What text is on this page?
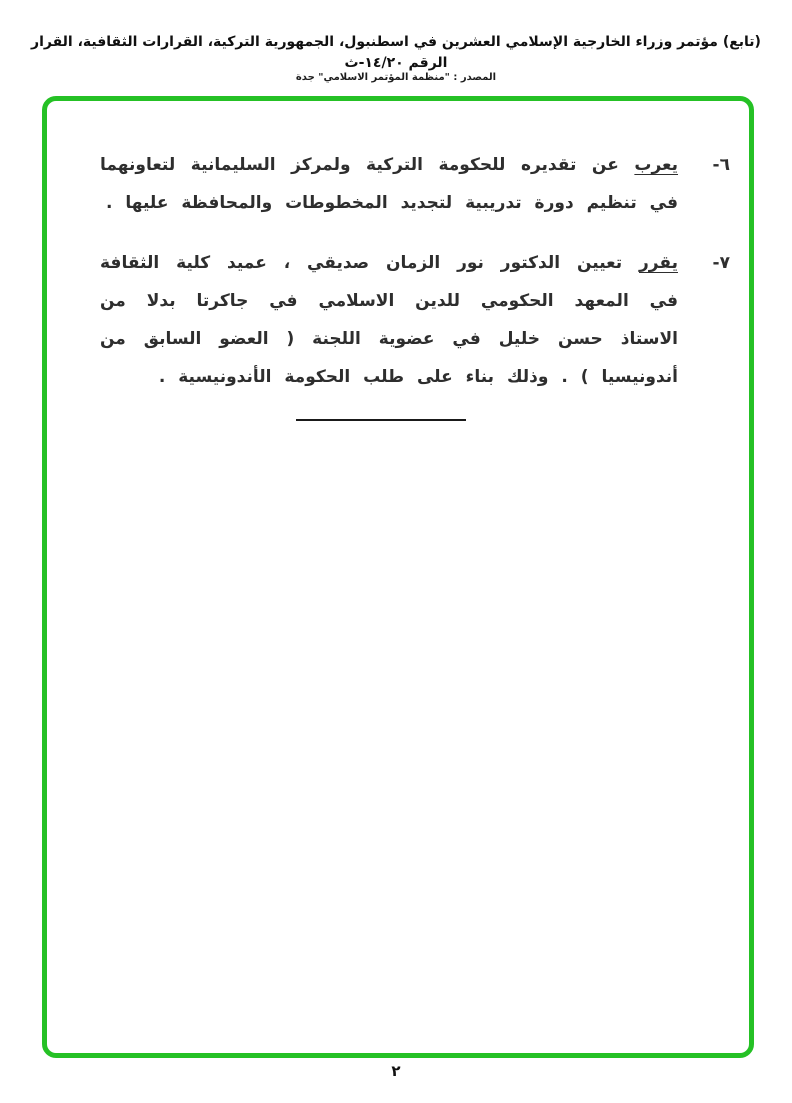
(تابع) مؤتمر وزراء الخارجية الإسلامي العشرين في اسطنبول، الجمهورية التركية، القرارات الثقافية، القرار الرقم ١٤/٢٠-ث
المصدر : "منظمة المؤتمر الاسلامي" جدة
٦-
يعرب عن تقديره للحكومة التركية ولمركز السليمانية لتعاونهما في تنظيم دورة تدريبية لتجديد المخطوطات والمحافظة عليها .
٧-
يقرر تعيين الدكتور نور الزمان صديقي ، عميد كلية الثقافة في المعهد الحكومي للدين الاسلامي في جاكرتا بدلا من الاستاذ حسن خليل في عضوية اللجنة ( العضو السابق من أندونيسيا ) . وذلك بناء على طلب الحكومة الأندونيسية .
٢
